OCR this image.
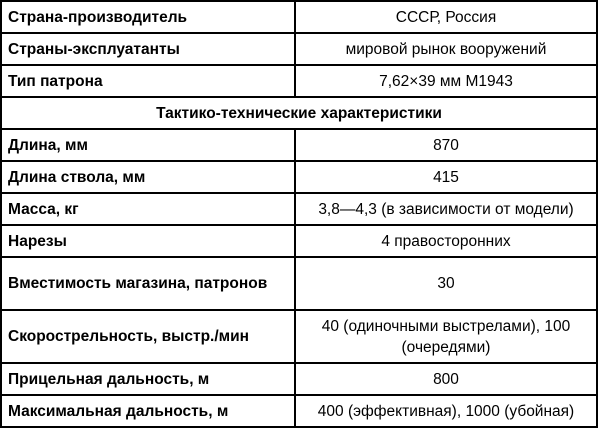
Страна-производитель	СССР, Россия
Страны-эксплуатанты	мировой рынок вооружений
Тип патрона	7,62×39 мм М1943
Тактико-технические характеристики	
Длина, мм	870
Длина ствола, мм	415
Масса, кг	3,8—4,3 (в зависимости от модели)
Нарезы	4 правосторонних
Вместимость магазина, патронов	30
Скорострельность, выстр./мин	40 (одиночными выстрелами), 100 (очередями)
Прицельная дальность, м	800
Максимальная дальность, м	400 (эффективная), 1000 (убойная)
